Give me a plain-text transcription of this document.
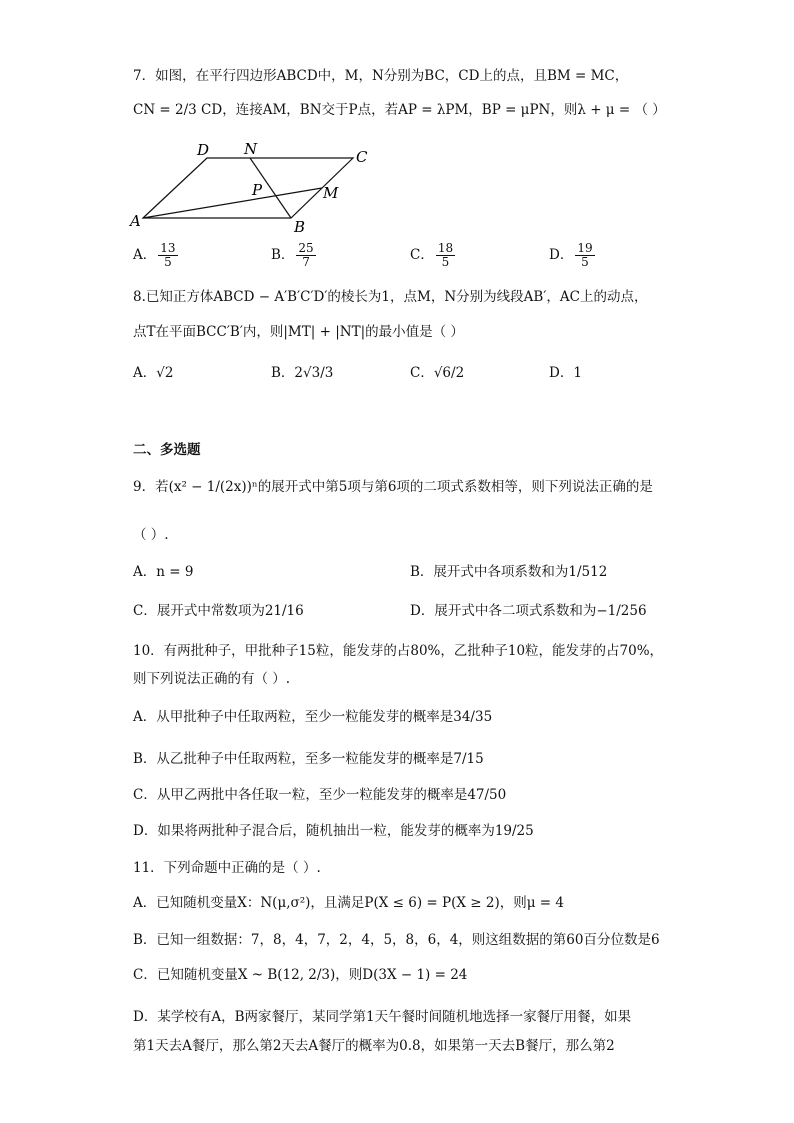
7．如图，在平行四边形ABCD中，M，N分别为BC，CD上的点，且BM = MC，
CN = 2/3 CD，连接AM，BN交于P点，若AP = λPM，BP = μPN，则λ + μ = （ ）
A	B
C
D N
P	M
A． $\frac{13}{5}$	B． $\frac{25}{7}$	C． $\frac{18}{5}$	D． $\frac{19}{5}$
8.已知正方体ABCD − A′B′C′D′的棱长为1，点M，N分别为线段AB′，AC上的动点，
点T在平面BCC′B′内，则|MT| + |NT|的最小值是（ ）
A．√2	B．2√3/3	C．√6/2	D．1
二、多选题
9．若(x² − 1/(2x))ⁿ的展开式中第5项与第6项的二项式系数相等，则下列说法正确的是
（ ）.
A．n = 9	B．展开式中各项系数和为1/512
C．展开式中常数项为21/16	D．展开式中各二项式系数和为−1/256
10．有两批种子，甲批种子15粒，能发芽的占80%，乙批种子10粒，能发芽的占70%，
则下列说法正确的有（ ）.
A．从甲批种子中任取两粒，至少一粒能发芽的概率是34/35
B．从乙批种子中任取两粒，至多一粒能发芽的概率是7/15
C．从甲乙两批中各任取一粒，至少一粒能发芽的概率是47/50
D．如果将两批种子混合后，随机抽出一粒，能发芽的概率为19/25
11．下列命题中正确的是（ ）.
A．已知随机变量X：N(μ,σ²)，且满足P(X ≤ 6) = P(X ≥ 2)，则μ = 4
B．已知一组数据：7，8，4，7，2，4，5，8，6，4，则这组数据的第60百分位数是6
C．已知随机变量X ~ B(12, 2/3)，则D(3X − 1) = 24
D．某学校有A，B两家餐厅，某同学第1天午餐时间随机地选择一家餐厅用餐，如果
第1天去A餐厅，那么第2天去A餐厅的概率为0.8，如果第一天去B餐厅，那么第2
